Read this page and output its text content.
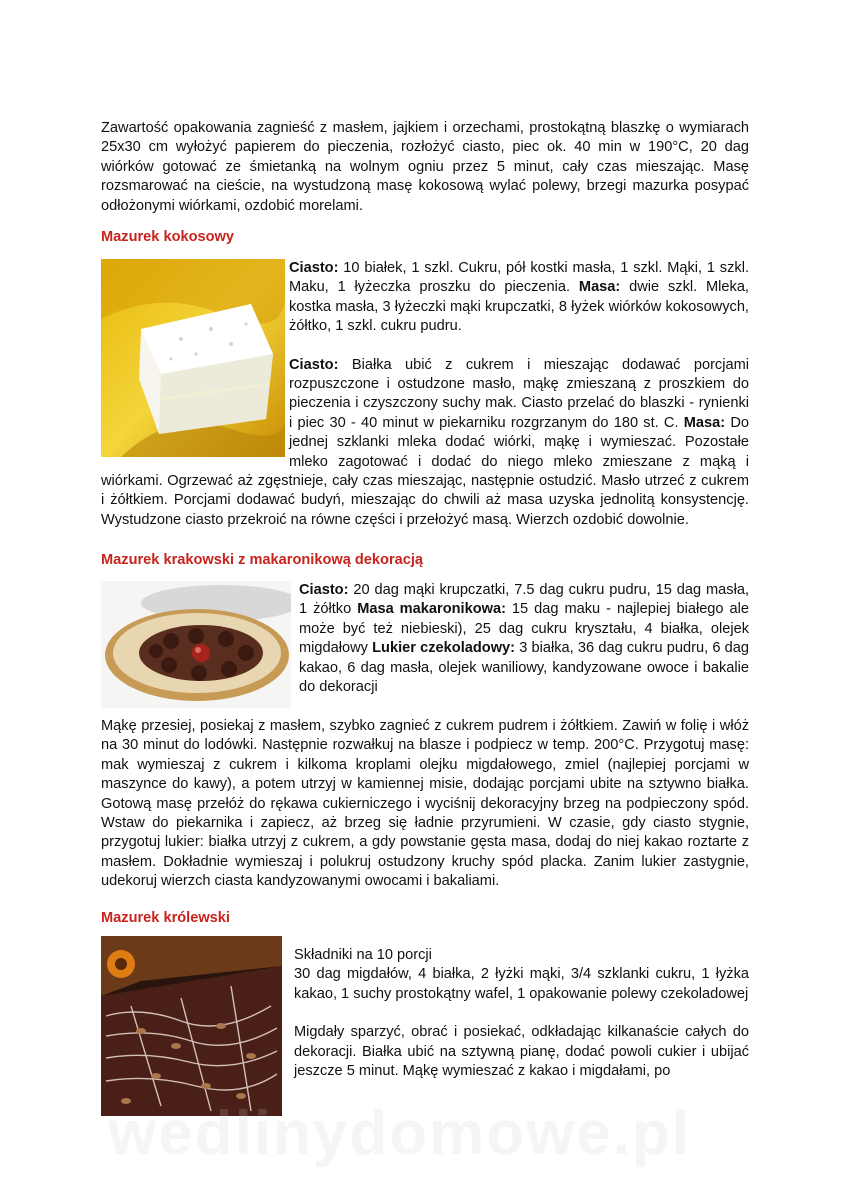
Zawartość opakowania zagnieść z masłem, jajkiem i orzechami, prostokątną blaszkę o wymiarach 25x30 cm wyłożyć papierem do pieczenia, rozłożyć ciasto, piec ok. 40 min w 190°C, 20 dag wiórków gotować ze śmietanką na wolnym ogniu przez 5 minut, cały czas mieszając. Masę rozsmarować na cieście, na wystudzoną masę kokosową wylać polewy, brzegi mazurka posypać odłożonymi wiórkami, ozdobić morelami.

Mazurek kokosowy

Ciasto: 10 białek, 1 szkl. Cukru, pół kostki masła, 1 szkl. Mąki, 1 szkl. Maku, 1 łyżeczka proszku do pieczenia. Masa: dwie szkl. Mleka, kostka masła, 3 łyżeczki mąki krupczatki, 8 łyżek wiórków kokosowych, żółtko, 1 szkl. cukru pudru.

Ciasto: Białka ubić z cukrem i mieszając dodawać porcjami rozpuszczone i ostudzone masło, mąkę zmieszaną z proszkiem do pieczenia i czyszczony suchy mak. Ciasto przelać do blaszki - rynienki i piec 30 - 40 minut w piekarniku rozgrzanym do 180 st. C. Masa: Do jednej szklanki mleka dodać wiórki, mąkę i wymieszać. Pozostałe mleko zagotować i dodać do niego mleko zmieszane z mąką i wiórkami. Ogrzewać aż zgęstnieje, cały czas mieszając, następnie ostudzić. Masło utrzeć z cukrem i żółtkiem. Porcjami dodawać budyń, mieszając do chwili aż masa uzyska jednolitą konsystencję. Wystudzone ciasto przekroić na równe części i przełożyć masą. Wierzch ozdobić dowolnie.

Mazurek krakowski z makaronikową dekoracją

Ciasto: 20 dag mąki krupczatki, 7.5 dag cukru pudru, 15 dag masła, 1 żółtko Masa makaronikowa: 15 dag maku - najlepiej białego ale może być też niebieski), 25 dag cukru kryształu, 4 białka, olejek migdałowy Lukier czekoladowy: 3 białka, 36 dag cukru pudru, 6 dag kakao, 6 dag masła, olejek waniliowy, kandyzowane owoce i bakalie do dekoracji

Mąkę przesiej, posiekaj z masłem, szybko zagnieć z cukrem pudrem i żółtkiem. Zawiń w folię i włóż na 30 minut do lodówki. Następnie rozwałkuj na blasze i podpiecz w temp. 200°C. Przygotuj masę: mak wymieszaj z cukrem i kilkoma kroplami olejku migdałowego, zmiel (najlepiej porcjami w maszynce do kawy), a potem utrzyj w kamiennej misie, dodając porcjami ubite na sztywno białka. Gotową masę przełóż do rękawa cukierniczego i wyciśnij dekoracyjny brzeg na podpieczony spód. Wstaw do piekarnika i zapiecz, aż brzeg się ładnie przyrumieni. W czasie, gdy ciasto stygnie, przygotuj lukier: białka utrzyj z cukrem, a gdy powstanie gęsta masa, dodaj do niej kakao roztarte z masłem. Dokładnie wymieszaj i polukruj ostudzony kruchy spód placka. Zanim lukier zastygnie, udekoruj wierzch ciasta kandyzowanymi owocami i bakaliami.

Mazurek królewski

Składniki na 10 porcji

30 dag migdałów, 4 białka, 2 łyżki mąki, 3/4 szklanki cukru, 1 łyżka kakao, 1 suchy prostokątny wafel, 1 opakowanie polewy czekoladowej

Migdały sparzyć, obrać i posiekać, odkładając kilkanaście całych do dekoracji. Białka ubić na sztywną pianę, dodać powoli cukier i ubijać jeszcze 5 minut. Mąkę wymieszać z kakao i migdałami, po

wedlinydomowe.pl
